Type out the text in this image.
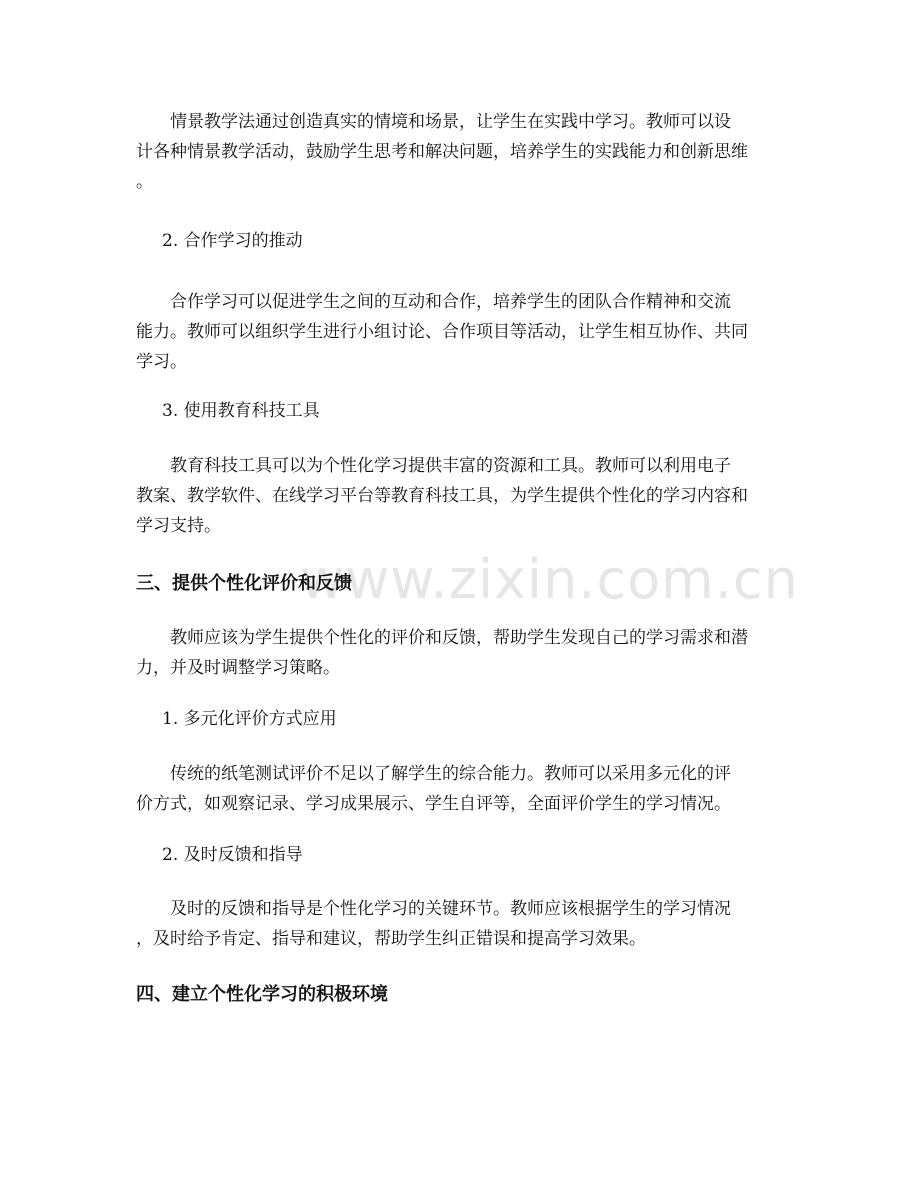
www.zixin.com.cn

情景教学法通过创造真实的情境和场景，让学生在实践中学习。教师可以设
计各种情景教学活动，鼓励学生思考和解决问题，培养学生的实践能力和创新思维
。

2. 合作学习的推动

合作学习可以促进学生之间的互动和合作，培养学生的团队合作精神和交流
能力。教师可以组织学生进行小组讨论、合作项目等活动，让学生相互协作、共同
学习。

3. 使用教育科技工具

教育科技工具可以为个性化学习提供丰富的资源和工具。教师可以利用电子
教案、教学软件、在线学习平台等教育科技工具，为学生提供个性化的学习内容和
学习支持。

三、提供个性化评价和反馈

教师应该为学生提供个性化的评价和反馈，帮助学生发现自己的学习需求和潜
力，并及时调整学习策略。

1. 多元化评价方式应用

传统的纸笔测试评价不足以了解学生的综合能力。教师可以采用多元化的评
价方式，如观察记录、学习成果展示、学生自评等，全面评价学生的学习情况。

2. 及时反馈和指导

及时的反馈和指导是个性化学习的关键环节。教师应该根据学生的学习情况
，及时给予肯定、指导和建议，帮助学生纠正错误和提高学习效果。

四、建立个性化学习的积极环境
